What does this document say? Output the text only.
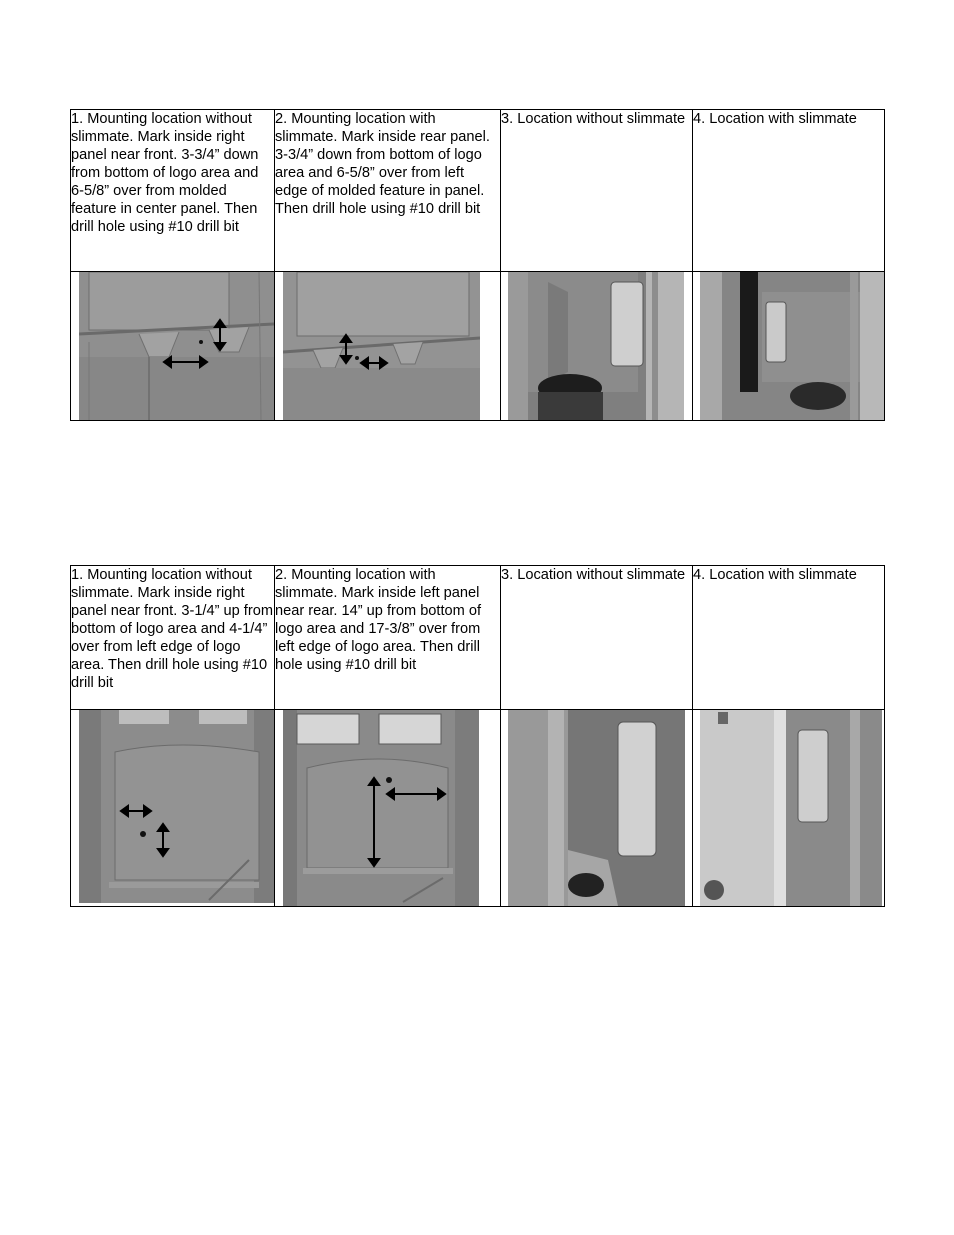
1. Mounting location without slimmate. Mark inside right panel near front. 3-3/4” down from bottom of logo area and 6-5/8” over from molded feature in center panel. Then drill hole using #10 drill bit	2. Mounting location with slimmate. Mark inside rear panel. 3-3/4” down from bottom of logo area and 6-5/8” over from left edge of molded feature in panel. Then drill hole using #10 drill bit	3. Location without slimmate	4. Location with slimmate

1. Mounting location without slimmate. Mark inside right panel near front. 3-1/4” up from bottom of logo area and 4-1/4” over from left edge of logo area. Then drill hole using #10 drill bit	2. Mounting location with slimmate. Mark inside left panel near rear. 14” up from bottom of logo area and 17-3/8” over from left edge of logo area. Then drill hole using #10 drill bit	3. Location without slimmate	4. Location with slimmate
